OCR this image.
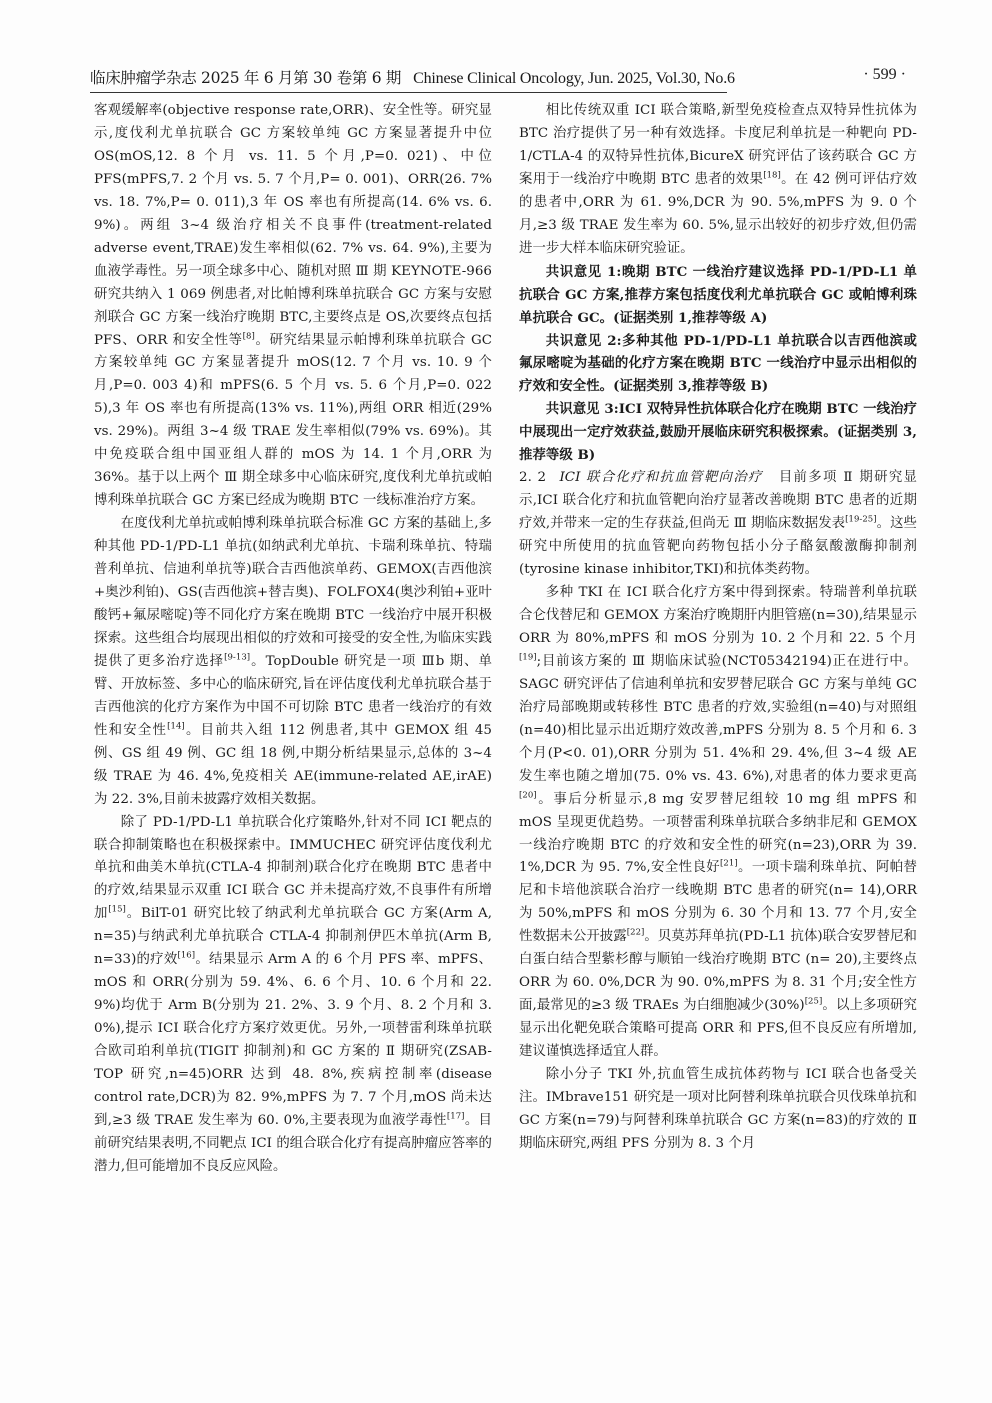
临床肿瘤学杂志 2025 年 6 月第 30 卷第 6 期 Chinese Clinical Oncology, Jun. 2025, Vol.30, No.6	· 599 ·

客观缓解率(objective response rate,ORR)、安全性等。研究显示,度伐利尤单抗联合 GC 方案较单纯 GC 方案显著提升中位 OS(mOS,12. 8 个月 vs. 11. 5 个月,P=0. 021)、中位 PFS(mPFS,7. 2 个月 vs. 5. 7 个月,P= 0. 001)、ORR(26. 7% vs. 18. 7%,P= 0. 011),3 年 OS 率也有所提高(14. 6% vs. 6. 9%)。两组 3~4 级治疗相关不良事件(treatment-related adverse event,TRAE)发生率相似(62. 7% vs. 64. 9%),主要为血液学毒性。另一项全球多中心、随机对照 Ⅲ 期 KEYNOTE-966 研究共纳入 1 069 例患者,对比帕博利珠单抗联合 GC 方案与安慰剂联合 GC 方案一线治疗晚期 BTC,主要终点是 OS,次要终点包括 PFS、ORR 和安全性等[8]。研究结果显示帕博利珠单抗联合 GC 方案较单纯 GC 方案显著提升 mOS(12. 7 个月 vs. 10. 9 个月,P=0. 003 4)和 mPFS(6. 5 个月 vs. 5. 6 个月,P=0. 022 5),3 年 OS 率也有所提高(13% vs. 11%),两组 ORR 相近(29% vs. 29%)。两组 3~4 级 TRAE 发生率相似(79% vs. 69%)。其中免疫联合组中国亚组人群的 mOS 为 14. 1 个月,ORR 为 36%。基于以上两个 Ⅲ 期全球多中心临床研究,度伐利尤单抗或帕博利珠单抗联合 GC 方案已经成为晚期 BTC 一线标准治疗方案。

在度伐利尤单抗或帕博利珠单抗联合标准 GC 方案的基础上,多种其他 PD-1/PD-L1 单抗(如纳武利尤单抗、卡瑞利珠单抗、特瑞普利单抗、信迪利单抗等)联合吉西他滨单药、GEMOX(吉西他滨+奥沙利铂)、GS(吉西他滨+替吉奥)、FOLFOX4(奥沙利铂+亚叶酸钙+氟尿嘧啶)等不同化疗方案在晚期 BTC 一线治疗中展开积极探索。这些组合均展现出相似的疗效和可接受的安全性,为临床实践提供了更多治疗选择[9-13]。TopDouble 研究是一项 Ⅲb 期、单臂、开放标签、多中心的临床研究,旨在评估度伐利尤单抗联合基于吉西他滨的化疗方案作为中国不可切除 BTC 患者一线治疗的有效性和安全性[14]。目前共入组 112 例患者,其中 GEMOX 组 45 例、GS 组 49 例、GC 组 18 例,中期分析结果显示,总体的 3~4 级 TRAE 为 46. 4%,免疫相关 AE(immune-related AE,irAE)为 22. 3%,目前未披露疗效相关数据。

除了 PD-1/PD-L1 单抗联合化疗策略外,针对不同 ICI 靶点的联合抑制策略也在积极探索中。IMMUCHEC 研究评估度伐利尤单抗和曲美木单抗(CTLA-4 抑制剂)联合化疗在晚期 BTC 患者中的疗效,结果显示双重 ICI 联合 GC 并未提高疗效,不良事件有所增加[15]。BilT-01 研究比较了纳武利尤单抗联合 GC 方案(Arm A, n=35)与纳武利尤单抗联合 CTLA-4 抑制剂伊匹木单抗(Arm B, n=33)的疗效[16]。结果显示 Arm A 的 6 个月 PFS 率、mPFS、mOS 和 ORR(分别为 59. 4%、6. 6 个月、10. 6 个月和 22. 9%)均优于 Arm B(分别为 21. 2%、3. 9 个月、8. 2 个月和 3. 0%),提示 ICI 联合化疗方案疗效更优。另外,一项替雷利珠单抗联合欧司珀利单抗(TIGIT 抑制剂)和 GC 方案的 Ⅱ 期研究(ZSAB-TOP 研究,n=45)ORR 达到 48. 8%,疾病控制率(disease control rate,DCR)为 82. 9%,mPFS 为 7. 7 个月,mOS 尚未达到,≥3 级 TRAE 发生率为 60. 0%,主要表现为血液学毒性[17]。目前研究结果表明,不同靶点 ICI 的组合联合化疗有提高肿瘤应答率的潜力,但可能增加不良反应风险。

相比传统双重 ICI 联合策略,新型免疫检查点双特异性抗体为 BTC 治疗提供了另一种有效选择。卡度尼利单抗是一种靶向 PD-1/CTLA-4 的双特异性抗体,BicureX 研究评估了该药联合 GC 方案用于一线治疗中晚期 BTC 患者的效果[18]。在 42 例可评估疗效的患者中,ORR 为 61. 9%,DCR 为 90. 5%,mPFS 为 9. 0 个月,≥3 级 TRAE 发生率为 60. 5%,显示出较好的初步疗效,但仍需进一步大样本临床研究验证。

共识意见 1:晚期 BTC 一线治疗建议选择 PD-1/PD-L1 单抗联合 GC 方案,推荐方案包括度伐利尤单抗联合 GC 或帕博利珠单抗联合 GC。(证据类别 1,推荐等级 A)

共识意见 2:多种其他 PD-1/PD-L1 单抗联合以吉西他滨或氟尿嘧啶为基础的化疗方案在晚期 BTC 一线治疗中显示出相似的疗效和安全性。(证据类别 3,推荐等级 B)

共识意见 3:ICI 双特异性抗体联合化疗在晚期 BTC 一线治疗中展现出一定疗效获益,鼓励开展临床研究积极探索。(证据类别 3,推荐等级 B)

2. 2 ICI 联合化疗和抗血管靶向治疗 目前多项 Ⅱ 期研究显示,ICI 联合化疗和抗血管靶向治疗显著改善晚期 BTC 患者的近期疗效,并带来一定的生存获益,但尚无 Ⅲ 期临床数据发表[19-25]。这些研究中所使用的抗血管靶向药物包括小分子酪氨酸激酶抑制剂(tyrosine kinase inhibitor,TKI)和抗体类药物。

多种 TKI 在 ICI 联合化疗方案中得到探索。特瑞普利单抗联合仑伐替尼和 GEMOX 方案治疗晚期肝内胆管癌(n=30),结果显示 ORR 为 80%,mPFS 和 mOS 分别为 10. 2 个月和 22. 5 个月[19];目前该方案的 Ⅲ 期临床试验(NCT05342194)正在进行中。SAGC 研究评估了信迪利单抗和安罗替尼联合 GC 方案与单纯 GC 治疗局部晚期或转移性 BTC 患者的疗效,实验组(n=40)与对照组(n=40)相比显示出近期疗效改善,mPFS 分别为 8. 5 个月和 6. 3 个月(P<0. 01),ORR 分别为 51. 4%和 29. 4%,但 3~4 级 AE 发生率也随之增加(75. 0% vs. 43. 6%),对患者的体力要求更高[20]。事后分析显示,8 mg 安罗替尼组较 10 mg 组 mPFS 和 mOS 呈现更优趋势。一项替雷利珠单抗联合多纳非尼和 GEMOX 一线治疗晚期 BTC 的疗效和安全性的研究(n=23),ORR 为 39. 1%,DCR 为 95. 7%,安全性良好[21]。一项卡瑞利珠单抗、阿帕替尼和卡培他滨联合治疗一线晚期 BTC 患者的研究(n= 14),ORR 为 50%,mPFS 和 mOS 分别为 6. 30 个月和 13. 77 个月,安全性数据未公开披露[22]。贝莫苏拜单抗(PD-L1 抗体)联合安罗替尼和白蛋白结合型紫杉醇与顺铂一线治疗晚期 BTC (n= 20),主要终点 ORR 为 60. 0%,DCR 为 90. 0%,mPFS 为 8. 31 个月;安全性方面,最常见的≥3 级 TRAEs 为白细胞减少(30%)[25]。以上多项研究显示出化靶免联合策略可提高 ORR 和 PFS,但不良反应有所增加,建议谨慎选择适宜人群。

除小分子 TKI 外,抗血管生成抗体药物与 ICI 联合也备受关注。IMbrave151 研究是一项对比阿替利珠单抗联合贝伐珠单抗和 GC 方案(n=79)与阿替利珠单抗联合 GC 方案(n=83)的疗效的 Ⅱ 期临床研究,两组 PFS 分别为 8. 3 个月
